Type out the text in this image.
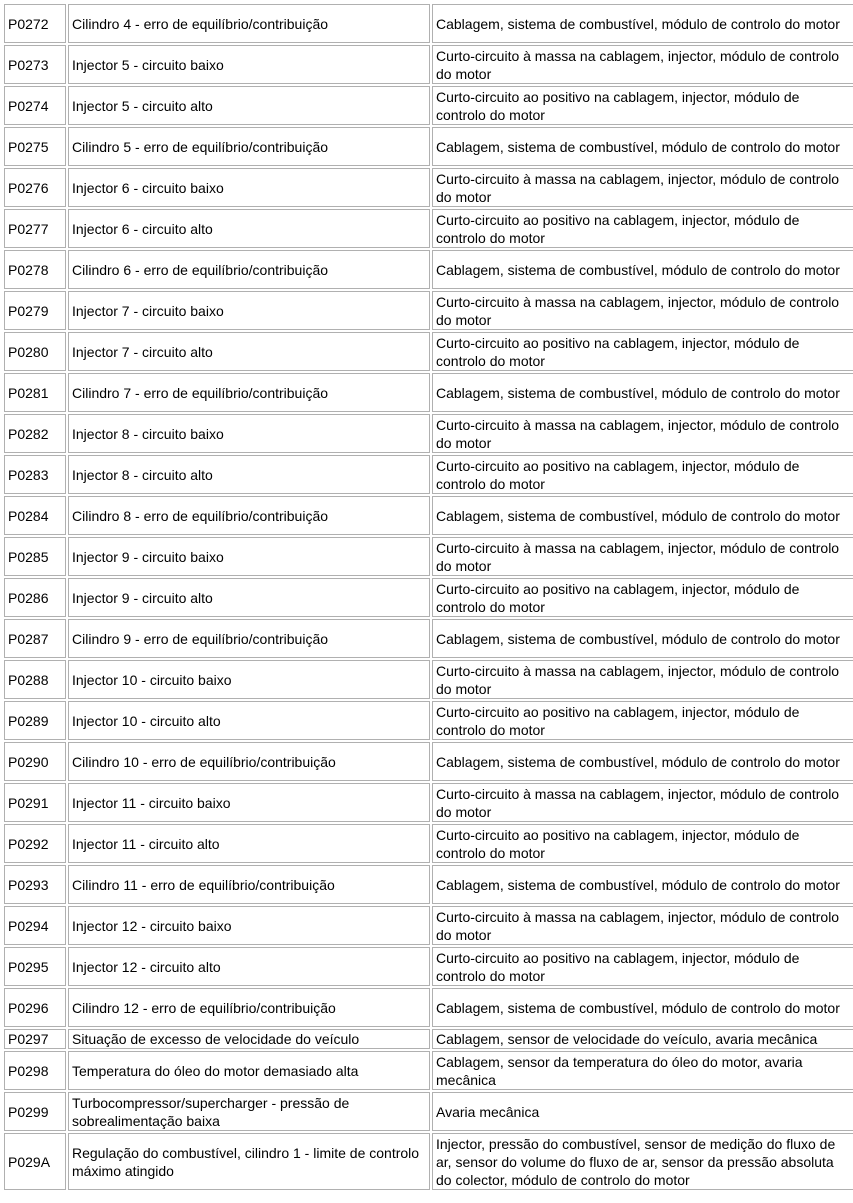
P0272	Cilindro 4 - erro de equilíbrio/contribuição	Cablagem, sistema de combustível, módulo de controlo do motor
P0273	Injector 5 - circuito baixo	Curto-circuito à massa na cablagem, injector, módulo de controlo do motor
P0274	Injector 5 - circuito alto	Curto-circuito ao positivo na cablagem, injector, módulo de controlo do motor
P0275	Cilindro 5 - erro de equilíbrio/contribuição	Cablagem, sistema de combustível, módulo de controlo do motor
P0276	Injector 6 - circuito baixo	Curto-circuito à massa na cablagem, injector, módulo de controlo do motor
P0277	Injector 6 - circuito alto	Curto-circuito ao positivo na cablagem, injector, módulo de controlo do motor
P0278	Cilindro 6 - erro de equilíbrio/contribuição	Cablagem, sistema de combustível, módulo de controlo do motor
P0279	Injector 7 - circuito baixo	Curto-circuito à massa na cablagem, injector, módulo de controlo do motor
P0280	Injector 7 - circuito alto	Curto-circuito ao positivo na cablagem, injector, módulo de controlo do motor
P0281	Cilindro 7 - erro de equilíbrio/contribuição	Cablagem, sistema de combustível, módulo de controlo do motor
P0282	Injector 8 - circuito baixo	Curto-circuito à massa na cablagem, injector, módulo de controlo do motor
P0283	Injector 8 - circuito alto	Curto-circuito ao positivo na cablagem, injector, módulo de controlo do motor
P0284	Cilindro 8 - erro de equilíbrio/contribuição	Cablagem, sistema de combustível, módulo de controlo do motor
P0285	Injector 9 - circuito baixo	Curto-circuito à massa na cablagem, injector, módulo de controlo do motor
P0286	Injector 9 - circuito alto	Curto-circuito ao positivo na cablagem, injector, módulo de controlo do motor
P0287	Cilindro 9 - erro de equilíbrio/contribuição	Cablagem, sistema de combustível, módulo de controlo do motor
P0288	Injector 10 - circuito baixo	Curto-circuito à massa na cablagem, injector, módulo de controlo do motor
P0289	Injector 10 - circuito alto	Curto-circuito ao positivo na cablagem, injector, módulo de controlo do motor
P0290	Cilindro 10 - erro de equilíbrio/contribuição	Cablagem, sistema de combustível, módulo de controlo do motor
P0291	Injector 11 - circuito baixo	Curto-circuito à massa na cablagem, injector, módulo de controlo do motor
P0292	Injector 11 - circuito alto	Curto-circuito ao positivo na cablagem, injector, módulo de controlo do motor
P0293	Cilindro 11 - erro de equilíbrio/contribuição	Cablagem, sistema de combustível, módulo de controlo do motor
P0294	Injector 12 - circuito baixo	Curto-circuito à massa na cablagem, injector, módulo de controlo do motor
P0295	Injector 12 - circuito alto	Curto-circuito ao positivo na cablagem, injector, módulo de controlo do motor
P0296	Cilindro 12 - erro de equilíbrio/contribuição	Cablagem, sistema de combustível, módulo de controlo do motor
P0297	Situação de excesso de velocidade do veículo	Cablagem, sensor de velocidade do veículo, avaria mecânica
P0298	Temperatura do óleo do motor demasiado alta	Cablagem, sensor da temperatura do óleo do motor, avaria mecânica
P0299	Turbocompressor/supercharger - pressão de sobrealimentação baixa	Avaria mecânica
P029A	Regulação do combustível, cilindro 1 - limite de controlo máximo atingido	Injector, pressão do combustível, sensor de medição do fluxo de ar, sensor do volume do fluxo de ar, sensor da pressão absoluta do colector, módulo de controlo do motor
